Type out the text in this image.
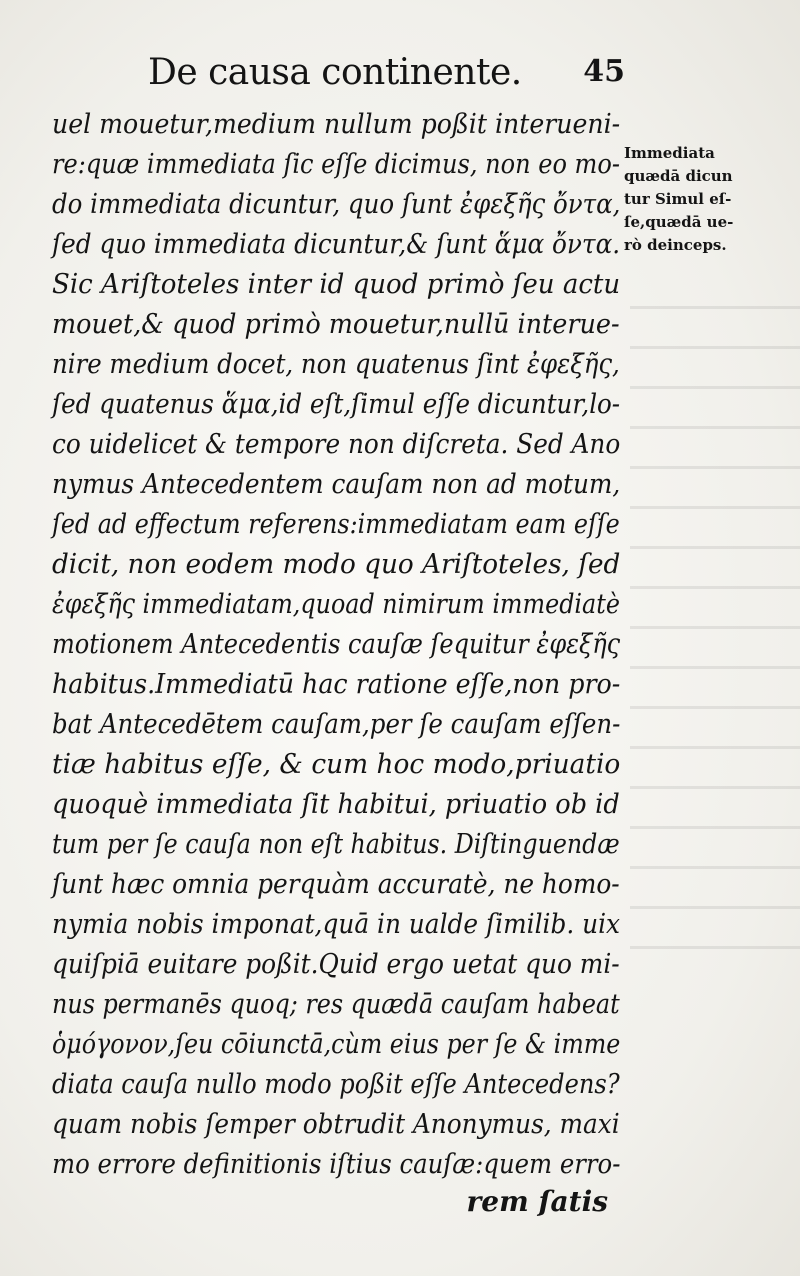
De causa continente. 45
uel mouetur,medium nullum poßit interueni-
re:quæ immediata ſic eſſe dicimus, non eo mo-
do immediata dicuntur, quo ſunt ἐφεξῆς ὄντα,
ſed quo immediata dicuntur,& ſunt ἅμα ὄντα.
Sic Ariſtoteles inter id quod primò ſeu actu
mouet,& quod primò mouetur,nullū interue-
nire medium docet, non quatenus ſint ἐφεξῆς,
ſed quatenus ἅμα,id eſt,ſimul eſſe dicuntur,lo-
co uidelicet & tempore non diſcreta. Sed Ano
nymus Antecedentem cauſam non ad motum,
ſed ad effectum referens:immediatam eam eſſe
dicit, non eodem modo quo Ariſtoteles, ſed
ἐφεξῆς immediatam,quoad nimirum immediatè
motionem Antecedentis cauſæ ſequitur ἐφεξῆς
habitus.Immediatū hac ratione eſſe,non pro-
bat Antecedētem cauſam,per ſe cauſam eſſen-
tiæ habitus eſſe, & cum hoc modo,priuatio
quoquè immediata ſit habitui, priuatio ob id
tum per ſe cauſa non eſt habitus. Diſtinguendæ
ſunt hæc omnia perquàm accuratè, ne homo-
nymia nobis imponat,quā in ualde ſimilib. uix
quiſpiā euitare poßit.Quid ergo uetat quo mi-
nus permanēs quoq; res quædā cauſam habeat
ὁμόγονον,ſeu cōiunctā,cùm eius per ſe & imme
diata cauſa nullo modo poßit eſſe Antecedens?
quam nobis ſemper obtrudit Anonymus, maxi
mo errore definitionis iſtius cauſæ:quem erro-
rem ſatis
Immediata
quædā dicun
tur Simul eſ-
ſe,quædā ue-
rò deinceps.
